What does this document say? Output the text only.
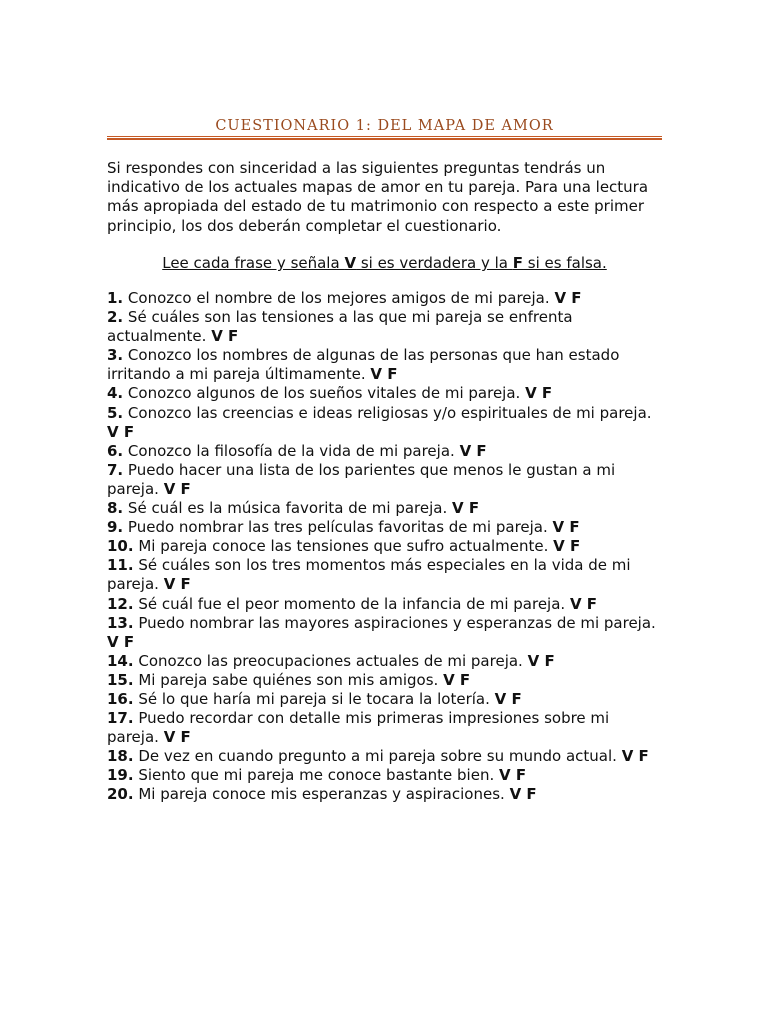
CUESTIONARIO 1: DEL MAPA DE AMOR

Si respondes con sinceridad a las siguientes preguntas tendrás un indicativo de los actuales mapas de amor en tu pareja. Para una lectura más apropiada del estado de tu matrimonio con respecto a este primer principio, los dos deberán completar el cuestionario.

Lee cada frase y señala V si es verdadera y la F si es falsa.
1. Conozco el nombre de los mejores amigos de mi pareja. V F
2. Sé cuáles son las tensiones a las que mi pareja se enfrenta actualmente. V F
3. Conozco los nombres de algunas de las personas que han estado irritando a mi pareja últimamente. V F
4. Conozco algunos de los sueños vitales de mi pareja. V F
5. Conozco las creencias e ideas religiosas y/o espirituales de mi pareja. V F
6. Conozco la filosofía de la vida de mi pareja. V F
7. Puedo hacer una lista de los parientes que menos le gustan a mi pareja. V F
8. Sé cuál es la música favorita de mi pareja. V F
9. Puedo nombrar las tres películas favoritas de mi pareja. V F
10. Mi pareja conoce las tensiones que sufro actualmente. V F
11. Sé cuáles son los tres momentos más especiales en la vida de mi pareja. V F
12. Sé cuál fue el peor momento de la infancia de mi pareja. V F
13. Puedo nombrar las mayores aspiraciones y esperanzas de mi pareja. V F
14. Conozco las preocupaciones actuales de mi pareja. V F
15. Mi pareja sabe quiénes son mis amigos. V F
16. Sé lo que haría mi pareja si le tocara la lotería. V F
17. Puedo recordar con detalle mis primeras impresiones sobre mi pareja. V F
18. De vez en cuando pregunto a mi pareja sobre su mundo actual. V F
19. Siento que mi pareja me conoce bastante bien. V F
20. Mi pareja conoce mis esperanzas y aspiraciones. V F
